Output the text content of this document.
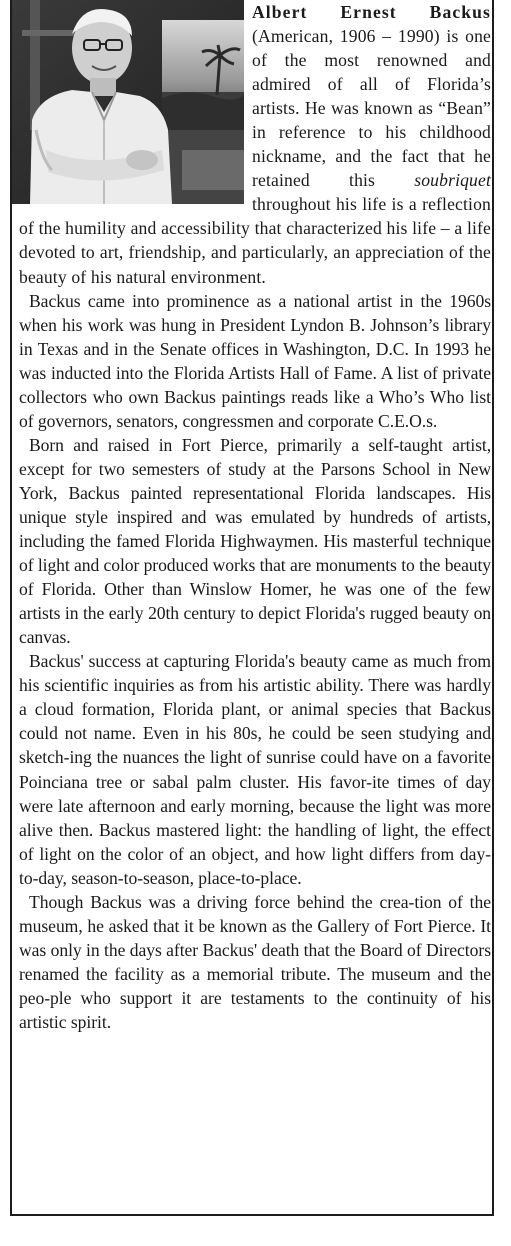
Albert Ernest Backus (American, 1906 – 1990) is one of the most renowned and admired of all of Florida’s artists. He was known as “Bean” in reference to his childhood nickname, and the fact that he retained this soubriquet throughout his life is a reflection of the humility and accessibility that characterized his life – a life devoted to art, friendship, and particularly, an appreciation of the beauty of his natural environment.

Backus came into prominence as a national artist in the 1960s when his work was hung in President Lyndon B. Johnson’s library in Texas and in the Senate offices in Washington, D.C. In 1993 he was inducted into the Florida Artists Hall of Fame. A list of private collectors who own Backus paintings reads like a Who’s Who list of governors, senators, congressmen and corporate C.E.O.s.

Born and raised in Fort Pierce, primarily a self-taught artist, except for two semesters of study at the Parsons School in New York, Backus painted representational Florida landscapes. His unique style inspired and was emulated by hundreds of artists, including the famed Florida Highwaymen. His masterful technique of light and color produced works that are monuments to the beauty of Florida. Other than Winslow Homer, he was one of the few artists in the early 20th century to depict Florida's rugged beauty on canvas.

Backus' success at capturing Florida's beauty came as much from his scientific inquiries as from his artistic ability. There was hardly a cloud formation, Florida plant, or animal species that Backus could not name. Even in his 80s, he could be seen studying and sketch-ing the nuances the light of sunrise could have on a favorite Poinciana tree or sabal palm cluster. His favor-ite times of day were late afternoon and early morning, because the light was more alive then. Backus mastered light: the handling of light, the effect of light on the color of an object, and how light differs from day-to-day, season-to-season, place-to-place.

Though Backus was a driving force behind the crea-tion of the museum, he asked that it be known as the Gallery of Fort Pierce. It was only in the days after Backus' death that the Board of Directors renamed the facility as a memorial tribute. The museum and the peo-ple who support it are testaments to the continuity of his artistic spirit.
